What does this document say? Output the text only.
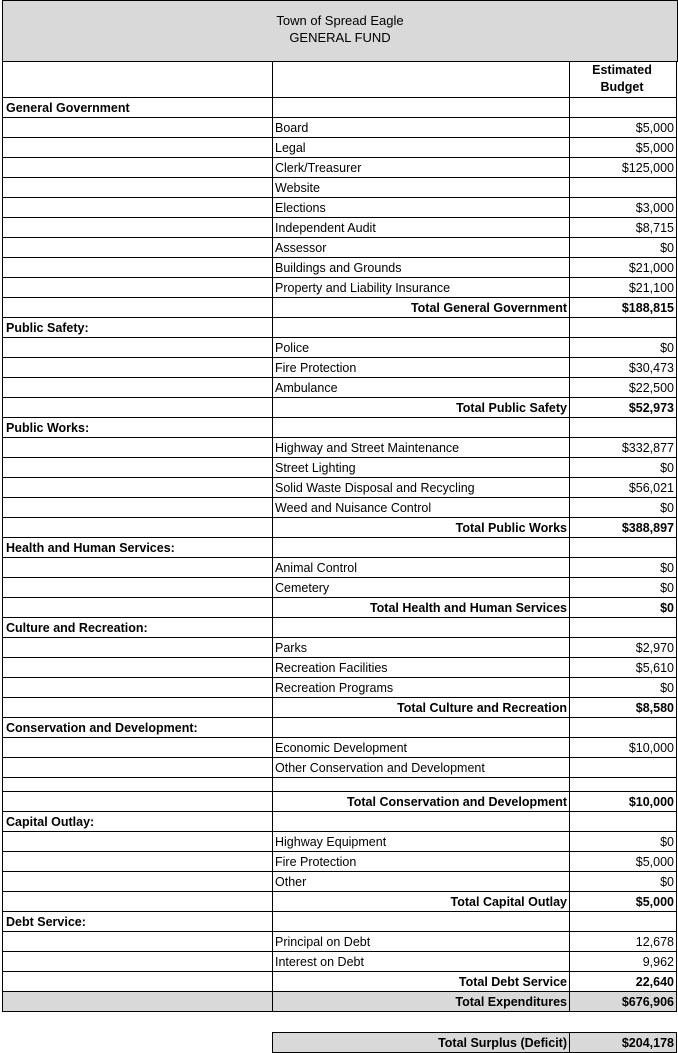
Town of Spread Eagle
GENERAL FUND
Estimated
Budget
General Government
Board	$5,000
Legal	$5,000
Clerk/Treasurer	$125,000
Website
Elections	$3,000
Independent Audit	$8,715
Assessor	$0
Buildings and Grounds	$21,000
Property and Liability Insurance	$21,100
Total General Government	$188,815
Public Safety:
Police	$0
Fire Protection	$30,473
Ambulance	$22,500
Total Public Safety	$52,973
Public Works:
Highway and Street Maintenance	$332,877
Street Lighting	$0
Solid Waste Disposal and Recycling	$56,021
Weed and Nuisance Control	$0
Total Public Works	$388,897
Health and Human Services:
Animal Control	$0
Cemetery	$0
Total Health and Human Services	$0
Culture and Recreation:
Parks	$2,970
Recreation Facilities	$5,610
Recreation Programs	$0
Total Culture and Recreation	$8,580
Conservation and Development:
Economic Development	$10,000
Other Conservation and Development
Total Conservation and Development	$10,000
Capital Outlay:
Highway Equipment	$0
Fire Protection	$5,000
Other	$0
Total Capital Outlay	$5,000
Debt Service:
Principal on Debt	12,678
Interest on Debt	9,962
Total Debt Service	22,640
Total Expenditures	$676,906
Total Surplus (Deficit)	$204,178
